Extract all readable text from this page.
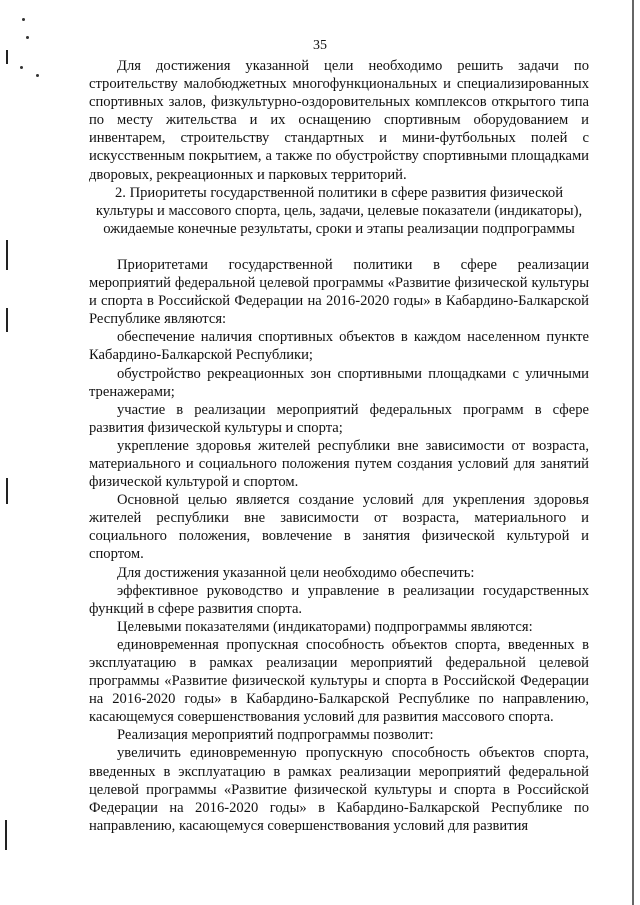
35

Для достижения указанной цели необходимо решить задачи по строительству малобюджетных многофункциональных и специализированных спортивных залов, физкультурно-оздоровительных комплексов открытого типа по месту жительства и их оснащению спортивным оборудованием и инвентарем, строительству стандартных и мини-футбольных полей с искусственным покрытием, а также по обустройству спортивными площадками дворовых, рекреационных и парковых территорий.

2. Приоритеты государственной политики в сфере развития физической культуры и массового спорта, цель, задачи, целевые показатели (индикаторы), ожидаемые конечные результаты, сроки и этапы реализации подпрограммы

Приоритетами государственной политики в сфере реализации мероприятий федеральной целевой программы «Развитие физической культуры и спорта в Российской Федерации на 2016-2020 годы» в Кабардино-Балкарской Республике являются:

обеспечение наличия спортивных объектов в каждом населенном пункте Кабардино-Балкарской Республики;

обустройство рекреационных зон спортивными площадками с уличными тренажерами;

участие в реализации мероприятий федеральных программ в сфере развития физической культуры и спорта;

укрепление здоровья жителей республики вне зависимости от возраста, материального и социального положения путем создания условий для занятий физической культурой и спортом.

Основной целью является создание условий для укрепления здоровья жителей республики вне зависимости от возраста, материального и социального положения, вовлечение в занятия физической культурой и спортом.

Для достижения указанной цели необходимо обеспечить:

эффективное руководство и управление в реализации государственных функций в сфере развития спорта.

Целевыми показателями (индикаторами) подпрограммы являются:

единовременная пропускная способность объектов спорта, введенных в эксплуатацию в рамках реализации мероприятий федеральной целевой программы «Развитие физической культуры и спорта в Российской Федерации на 2016-2020 годы» в Кабардино-Балкарской Республике по направлению, касающемуся совершенствования условий для развития массового спорта.

Реализация мероприятий подпрограммы позволит:

увеличить единовременную пропускную способность объектов спорта, введенных в эксплуатацию в рамках реализации мероприятий федеральной целевой программы «Развитие физической культуры и спорта в Российской Федерации на 2016-2020 годы» в Кабардино-Балкарской Республике по направлению, касающемуся совершенствования условий для развития
